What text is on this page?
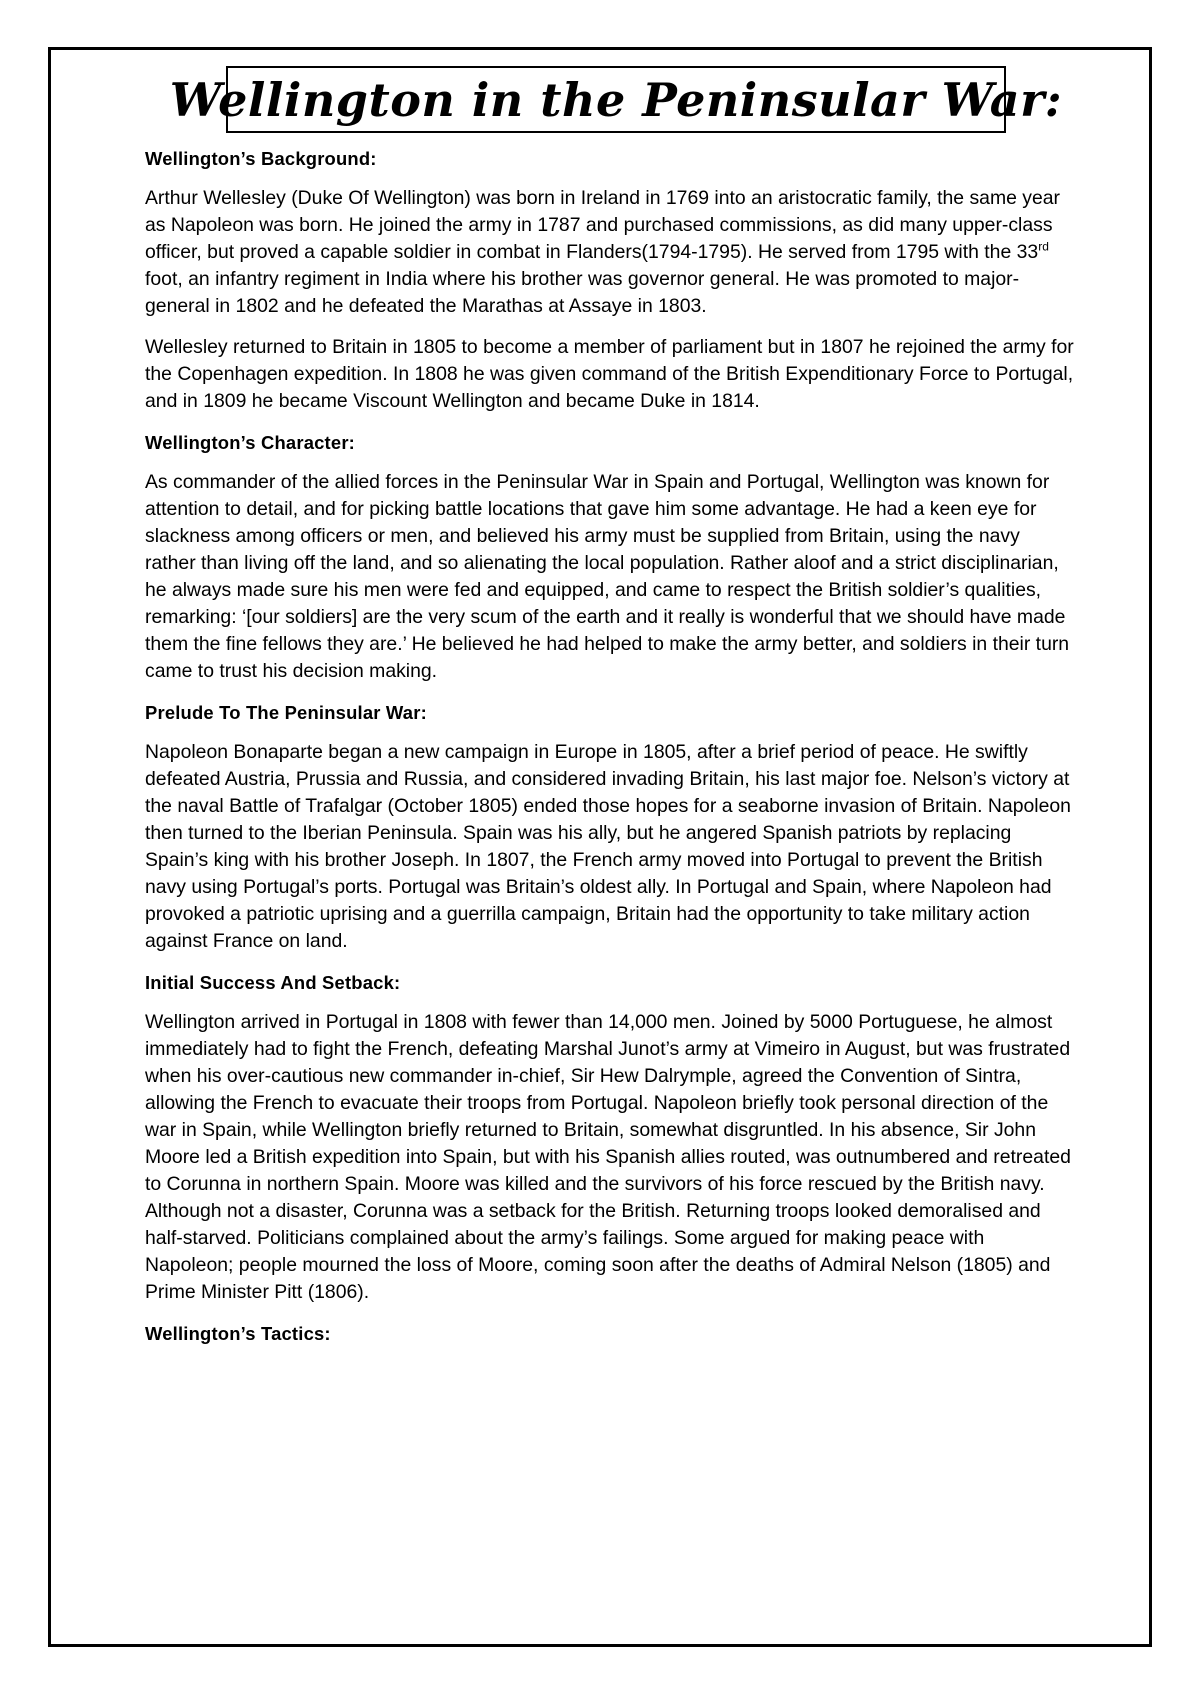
Wellington in the Peninsular War:
Wellington’s Background:

Arthur Wellesley (Duke Of Wellington) was born in Ireland in 1769 into an aristocratic family, the same year as Napoleon was born. He joined the army in 1787 and purchased commissions, as did many upper-class officer, but proved a capable soldier in combat in Flanders(1794-1795). He served from 1795 with the 33rd foot, an infantry regiment in India where his brother was governor general. He was promoted to major-general in 1802 and he defeated the Marathas at Assaye in 1803.

Wellesley returned to Britain in 1805 to become a member of parliament but in 1807 he rejoined the army for the Copenhagen expedition. In 1808 he was given command of the British Expenditionary Force to Portugal, and in 1809 he became Viscount Wellington and became Duke in 1814.

Wellington’s Character:

As commander of the allied forces in the Peninsular War in Spain and Portugal, Wellington was known for attention to detail, and for picking battle locations that gave him some advantage. He had a keen eye for slackness among officers or men, and believed his army must be supplied from Britain, using the navy rather than living off the land, and so alienating the local population. Rather aloof and a strict disciplinarian, he always made sure his men were fed and equipped, and came to respect the British soldier’s qualities, remarking: ‘[our soldiers] are the very scum of the earth and it really is wonderful that we should have made them the fine fellows they are.’ He believed he had helped to make the army better, and soldiers in their turn came to trust his decision making.

Prelude To The Peninsular War:

Napoleon Bonaparte began a new campaign in Europe in 1805, after a brief period of peace. He swiftly defeated Austria, Prussia and Russia, and considered invading Britain, his last major foe. Nelson’s victory at the naval Battle of Trafalgar (October 1805) ended those hopes for a seaborne invasion of Britain. Napoleon then turned to the Iberian Peninsula. Spain was his ally, but he angered Spanish patriots by replacing Spain’s king with his brother Joseph. In 1807, the French army moved into Portugal to prevent the British navy using Portugal’s ports. Portugal was Britain’s oldest ally. In Portugal and Spain, where Napoleon had provoked a patriotic uprising and a guerrilla campaign, Britain had the opportunity to take military action against France on land.

Initial Success And Setback:

Wellington arrived in Portugal in 1808 with fewer than 14,000 men. Joined by 5000 Portuguese, he almost immediately had to fight the French, defeating Marshal Junot’s army at Vimeiro in August, but was frustrated when his over-cautious new commander in-chief, Sir Hew Dalrymple, agreed the Convention of Sintra, allowing the French to evacuate their troops from Portugal. Napoleon briefly took personal direction of the war in Spain, while Wellington briefly returned to Britain, somewhat disgruntled. In his absence, Sir John Moore led a British expedition into Spain, but with his Spanish allies routed, was outnumbered and retreated to Corunna in northern Spain. Moore was killed and the survivors of his force rescued by the British navy. Although not a disaster, Corunna was a setback for the British. Returning troops looked demoralised and half-starved. Politicians complained about the army’s failings. Some argued for making peace with Napoleon; people mourned the loss of Moore, coming soon after the deaths of Admiral Nelson (1805) and Prime Minister Pitt (1806).

Wellington’s Tactics:
